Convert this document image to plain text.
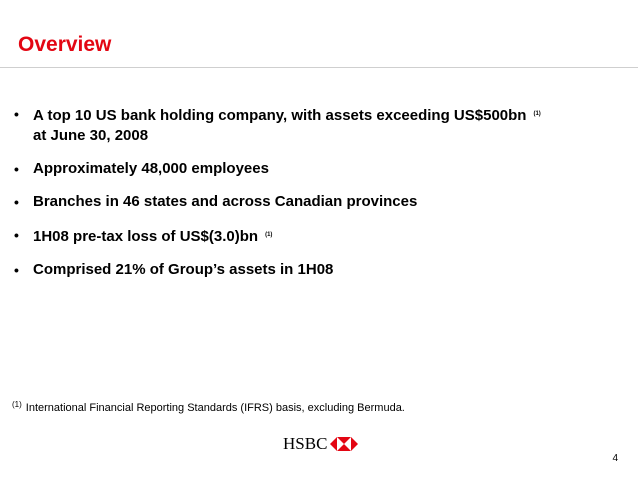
Overview
• A top 10 US bank holding company, with assets exceeding US$500bn $^{(1)}$
at June 30, 2008
• Approximately 48,000 employees
• Branches in 46 states and across Canadian provinces
• 1H08 pre-tax loss of US$(3.0)bn $^{(1)}$
• Comprised 21% of Group’s assets in 1H08
$^{(1)}$ International Financial Reporting Standards (IFRS) basis, excluding Bermuda.
HSBC
4
